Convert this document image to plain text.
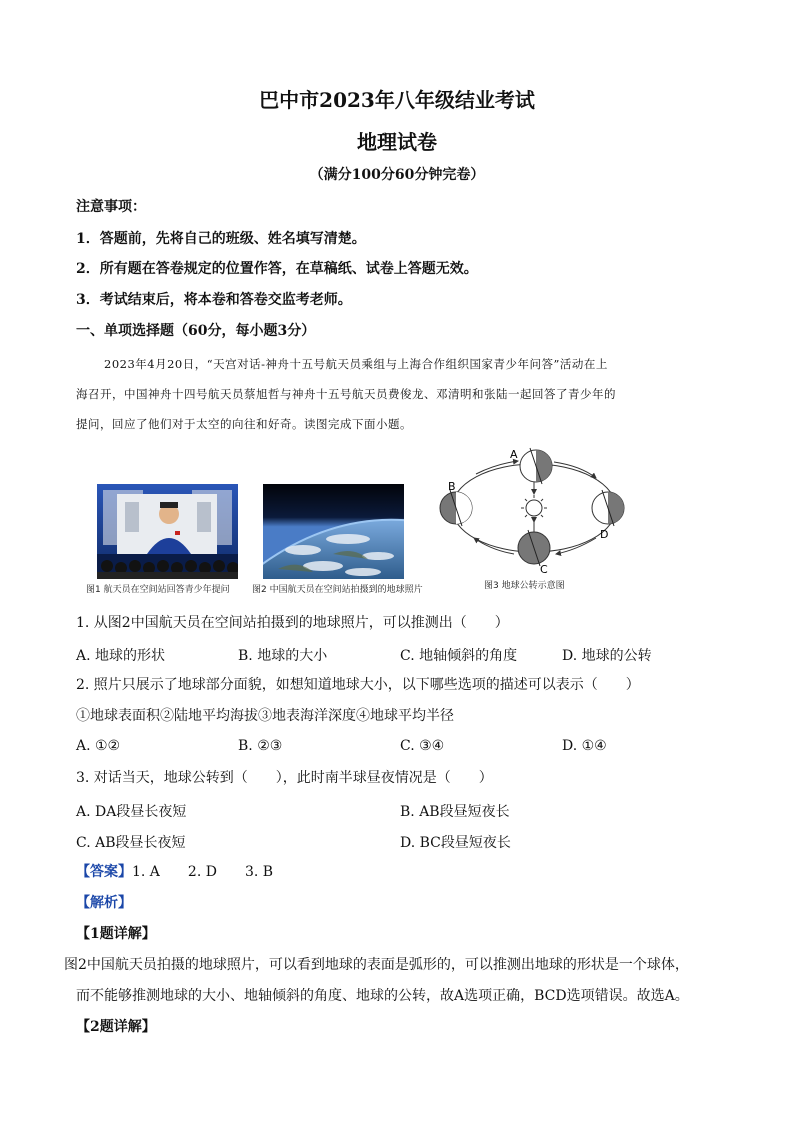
巴中市2023年八年级结业考试
地理试卷
（满分100分60分钟完卷）
注意事项：
1．答题前，先将自己的班级、姓名填写清楚。
2．所有题在答卷规定的位置作答，在草稿纸、试卷上答题无效。
3．考试结束后，将本卷和答卷交监考老师。
一、单项选择题（60分，每小题3分）
2023年4月20日，“天宫对话-神舟十五号航天员乘组与上海合作组织国家青少年问答”活动在上
海召开，中国神舟十四号航天员蔡旭哲与神舟十五号航天员费俊龙、邓清明和张陆一起回答了青少年的
提问，回应了他们对于太空的向往和好奇。读图完成下面小题。
图1 航天员在空间站回答青少年提问 图2 中国航天员在空间站拍摄到的地球照片
A
B
C
D
图3 地球公转示意图
1. 从图2中国航天员在空间站拍摄到的地球照片，可以推测出（　　）
A. 地球的形状	B. 地球的大小	C. 地轴倾斜的角度	D. 地球的公转
2. 照片只展示了地球部分面貌，如想知道地球大小，以下哪些选项的描述可以表示（　　）
①地球表面积②陆地平均海拔③地表海洋深度④地球平均半径
A. ①②	B. ②③	C. ③④	D. ①④
3. 对话当天，地球公转到（　　），此时南半球昼夜情况是（　　）
A. DA段昼长夜短	B. AB段昼短夜长
C. AB段昼长夜短	D. BC段昼短夜长
【答案】1. A　　2. D　　3. B
【解析】
【1题详解】
图2中国航天员拍摄的地球照片，可以看到地球的表面是弧形的，可以推测出地球的形状是一个球体，
而不能够推测地球的大小、地轴倾斜的角度、地球的公转，故A选项正确，BCD选项错误。故选A。
【2题详解】
